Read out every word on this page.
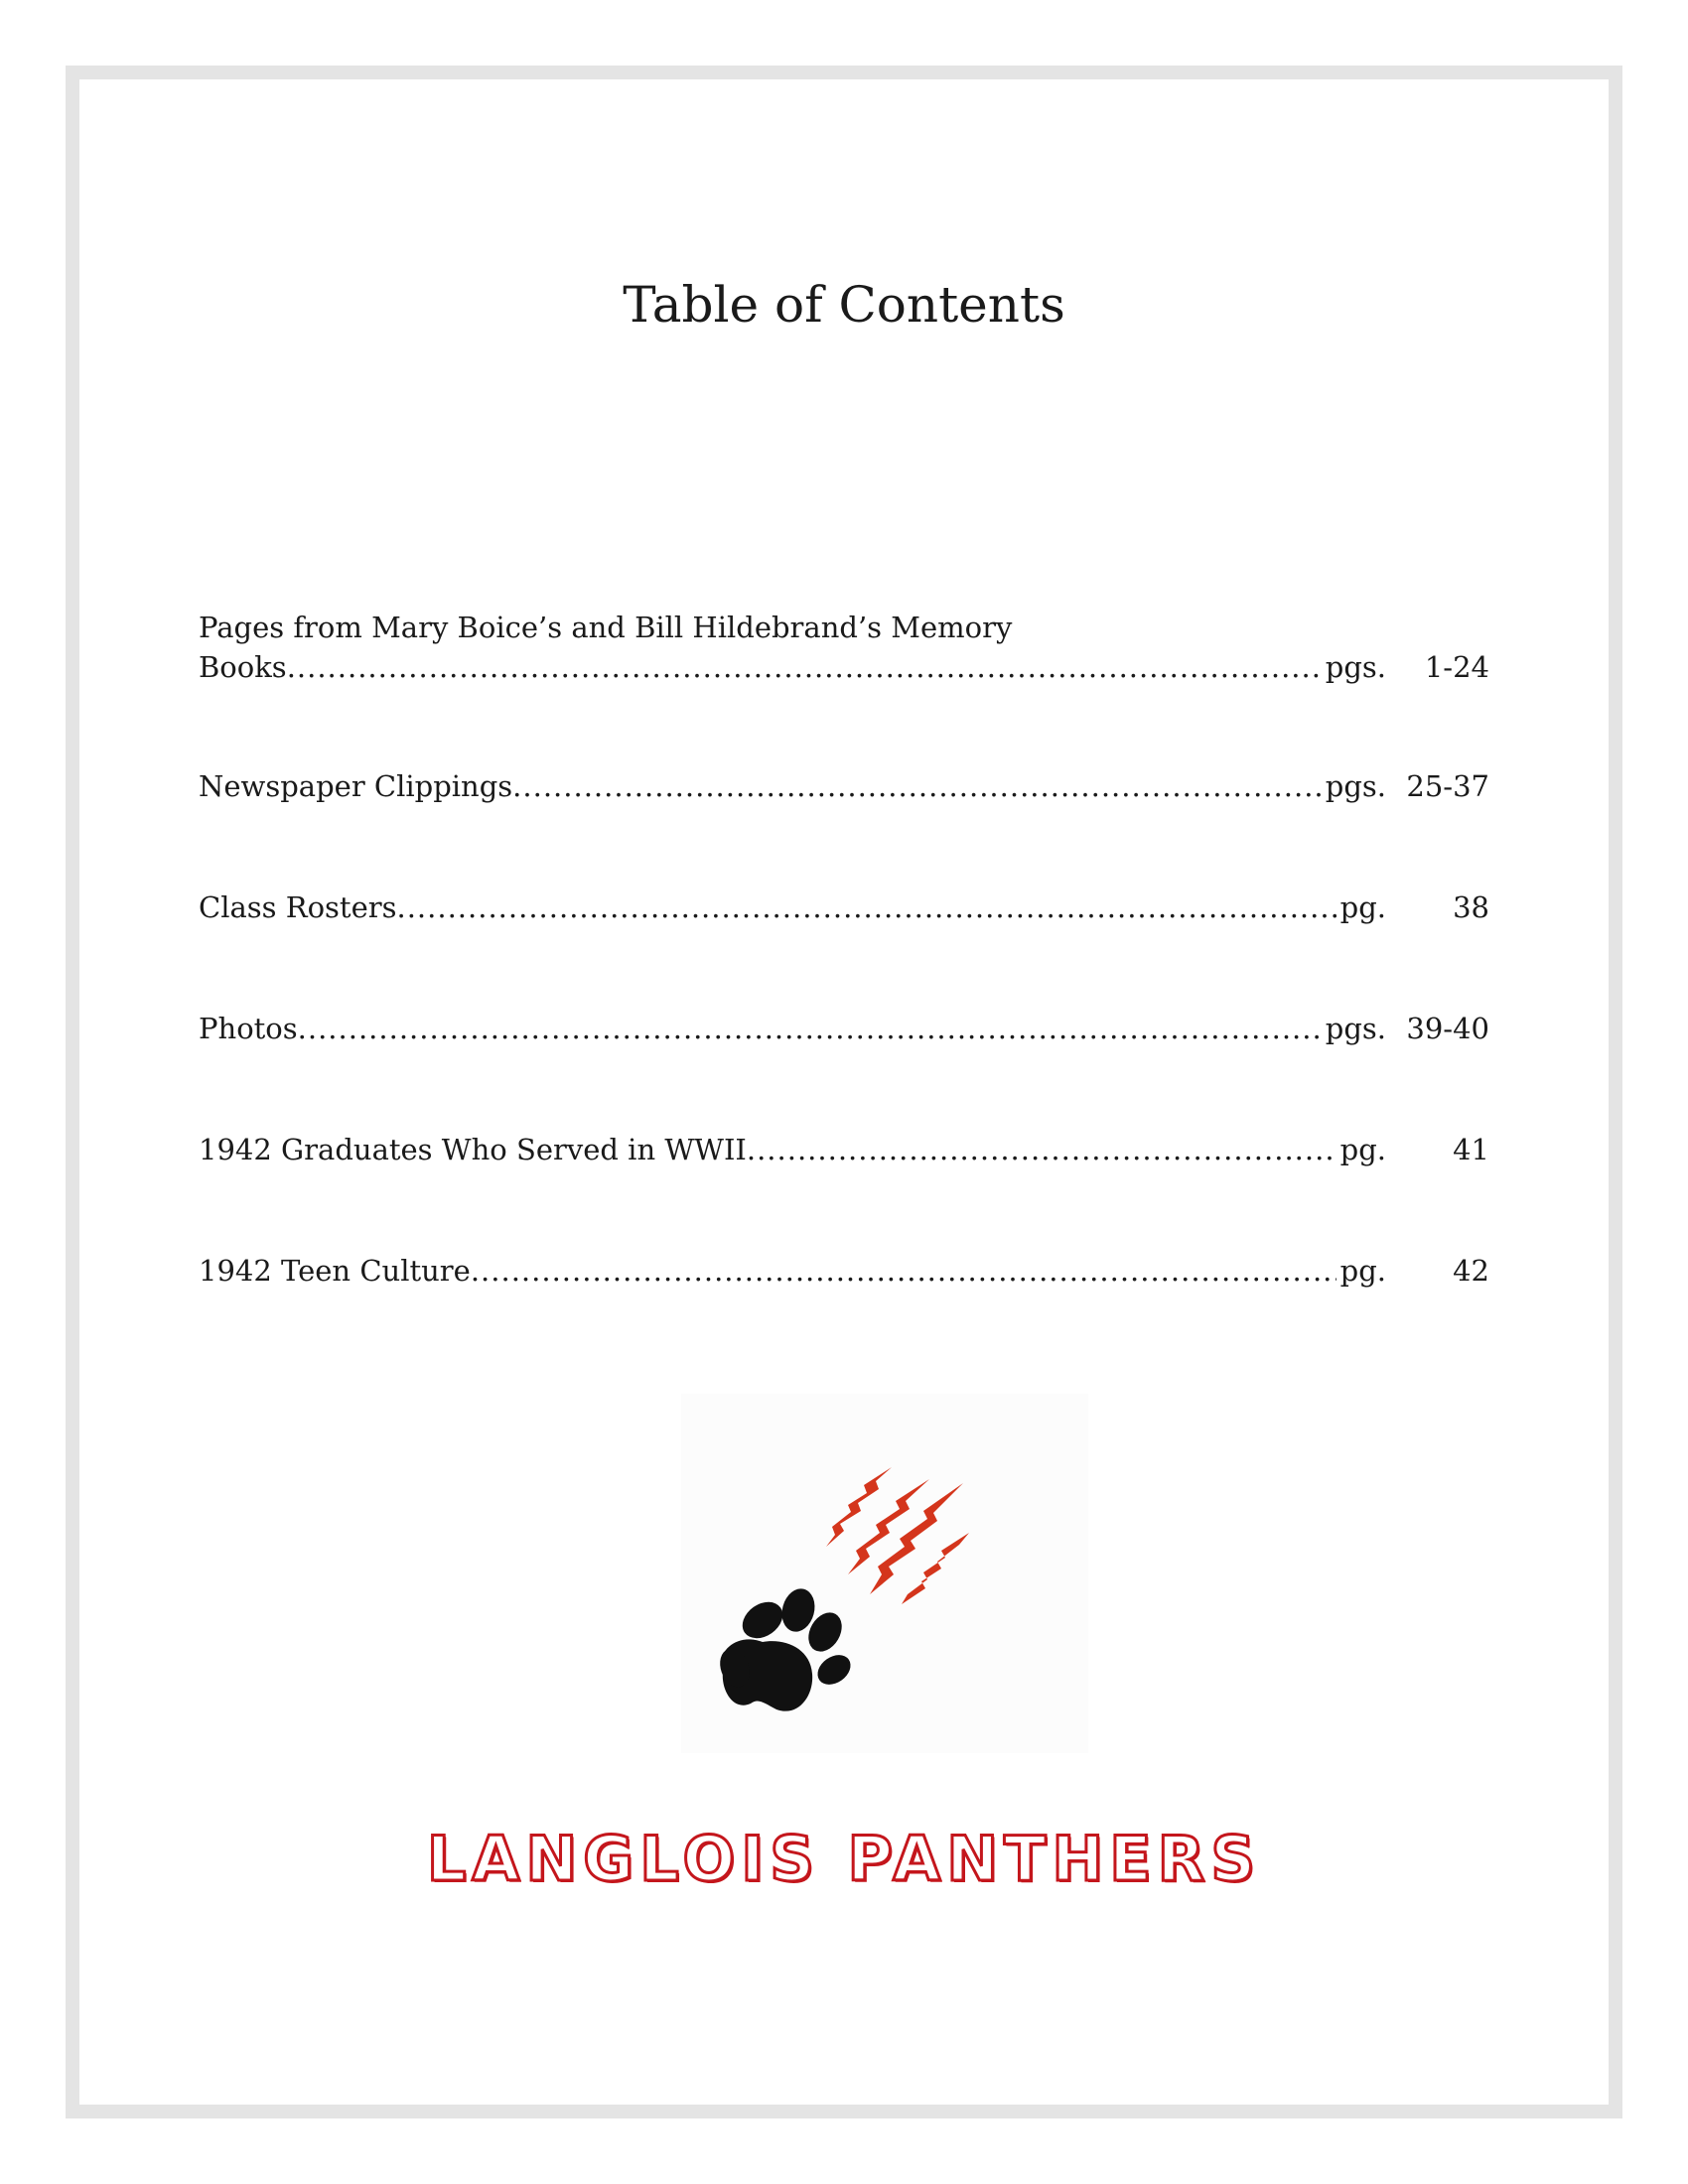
Table of Contents
Pages from Mary Boice’s and Bill Hildebrand’s Memory
Books .....	pgs.	1-24
Newspaper Clippings .....	pgs. 25-37
Class Rosters .....	pg.	38
Photos .....	pgs. 39-40
1942 Graduates Who Served in WWII .....	pg.	41
1942 Teen Culture .....	pg.	42
LANGLOIS PANTHERS
